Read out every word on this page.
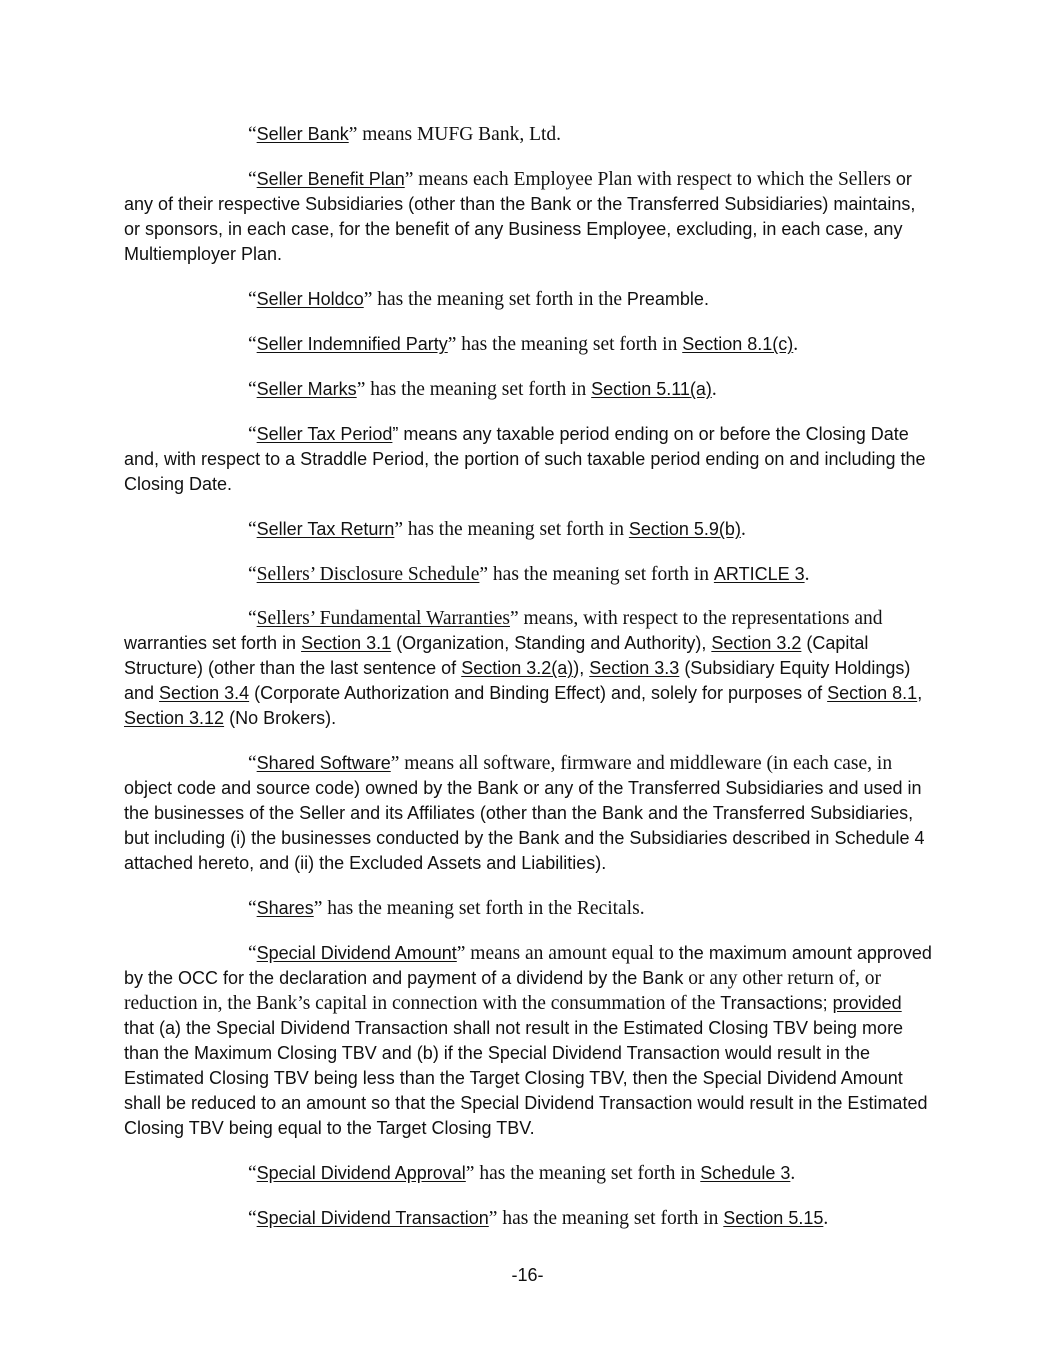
“Seller Bank” means MUFG Bank, Ltd.

“Seller Benefit Plan” means each Employee Plan with respect to which the Sellers or any of their respective Subsidiaries (other than the Bank or the Transferred Subsidiaries) maintains, or sponsors, in each case, for the benefit of any Business Employee, excluding, in each case, any Multiemployer Plan.

“Seller Holdco” has the meaning set forth in the Preamble.

“Seller Indemnified Party” has the meaning set forth in Section 8.1(c).

“Seller Marks” has the meaning set forth in Section 5.11(a).

“Seller Tax Period” means any taxable period ending on or before the Closing Date and, with respect to a Straddle Period, the portion of such taxable period ending on and including the Closing Date.

“Seller Tax Return” has the meaning set forth in Section 5.9(b).

“Sellers’ Disclosure Schedule” has the meaning set forth in ARTICLE 3.

“Sellers’ Fundamental Warranties” means, with respect to the representations and warranties set forth in Section 3.1 (Organization, Standing and Authority), Section 3.2 (Capital Structure) (other than the last sentence of Section 3.2(a)), Section 3.3 (Subsidiary Equity Holdings) and Section 3.4 (Corporate Authorization and Binding Effect) and, solely for purposes of Section 8.1, Section 3.12 (No Brokers).

“Shared Software” means all software, firmware and middleware (in each case, in object code and source code) owned by the Bank or any of the Transferred Subsidiaries and used in the businesses of the Seller and its Affiliates (other than the Bank and the Transferred Subsidiaries, but including (i) the businesses conducted by the Bank and the Subsidiaries described in Schedule 4 attached hereto, and (ii) the Excluded Assets and Liabilities).

“Shares” has the meaning set forth in the Recitals.

“Special Dividend Amount” means an amount equal to the maximum amount approved by the OCC for the declaration and payment of a dividend by the Bank or any other return of, or reduction in, the Bank’s capital in connection with the consummation of the Transactions; provided that (a) the Special Dividend Transaction shall not result in the Estimated Closing TBV being more than the Maximum Closing TBV and (b) if the Special Dividend Transaction would result in the Estimated Closing TBV being less than the Target Closing TBV, then the Special Dividend Amount shall be reduced to an amount so that the Special Dividend Transaction would result in the Estimated Closing TBV being equal to the Target Closing TBV.

“Special Dividend Approval” has the meaning set forth in Schedule 3.

“Special Dividend Transaction” has the meaning set forth in Section 5.15.

-16-
